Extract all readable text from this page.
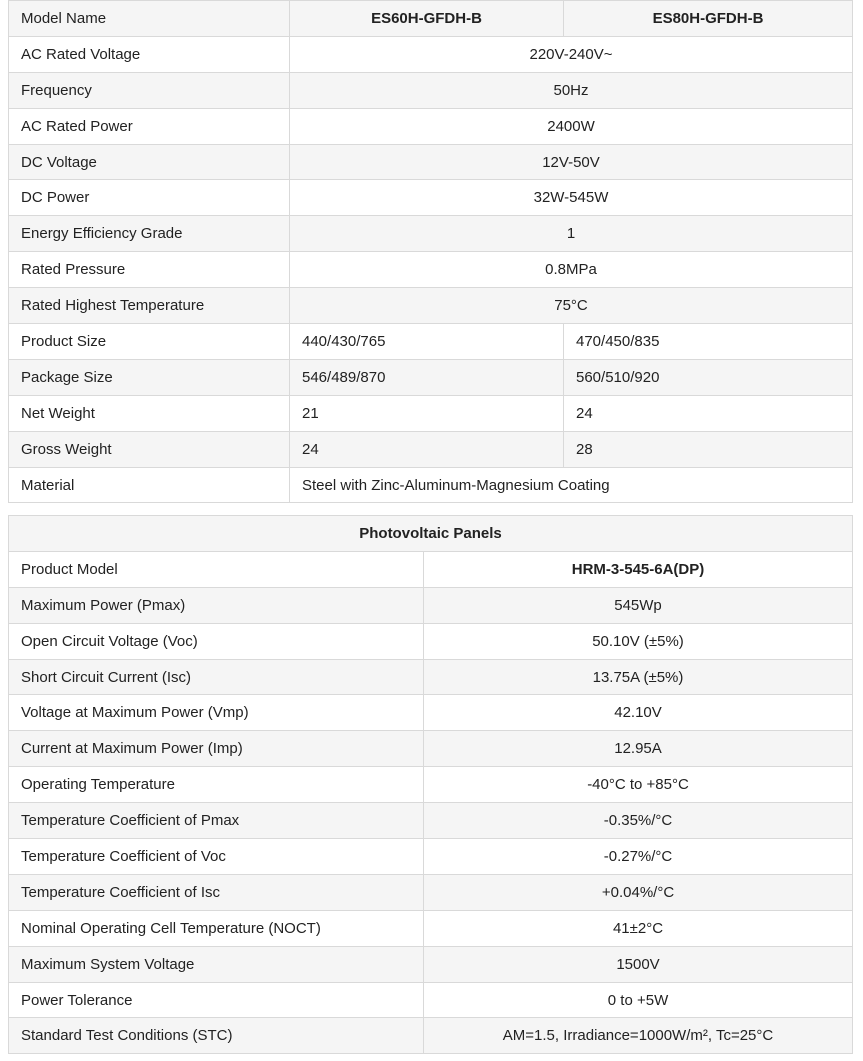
Model Name	ES60H-GFDH-B	ES80H-GFDH-B
AC Rated Voltage	220V-240V~	
Frequency	50Hz	
AC Rated Power	2400W	
DC Voltage	12V-50V	
DC Power	32W-545W	
Energy Efficiency Grade	1	
Rated Pressure	0.8MPa	
Rated Highest Temperature	75°C	
Product Size	440/430/765	470/450/835
Package Size	546/489/870	560/510/920
Net Weight	21	24
Gross Weight	24	28
Material	Steel with Zinc-Aluminum-Magnesium Coating	
Photovoltaic Panels	
Product Model	HRM-3-545-6A(DP)
Maximum Power (Pmax)	545Wp
Open Circuit Voltage (Voc)	50.10V (±5%)
Short Circuit Current (Isc)	13.75A (±5%)
Voltage at Maximum Power (Vmp)	42.10V
Current at Maximum Power (Imp)	12.95A
Operating Temperature	-40°C to +85°C
Temperature Coefficient of Pmax	-0.35%/°C
Temperature Coefficient of Voc	-0.27%/°C
Temperature Coefficient of Isc	+0.04%/°C
Nominal Operating Cell Temperature (NOCT)	41±2°C
Maximum System Voltage	1500V
Power Tolerance	0 to +5W
Standard Test Conditions (STC)	AM=1.5, Irradiance=1000W/m², Tc=25°C
